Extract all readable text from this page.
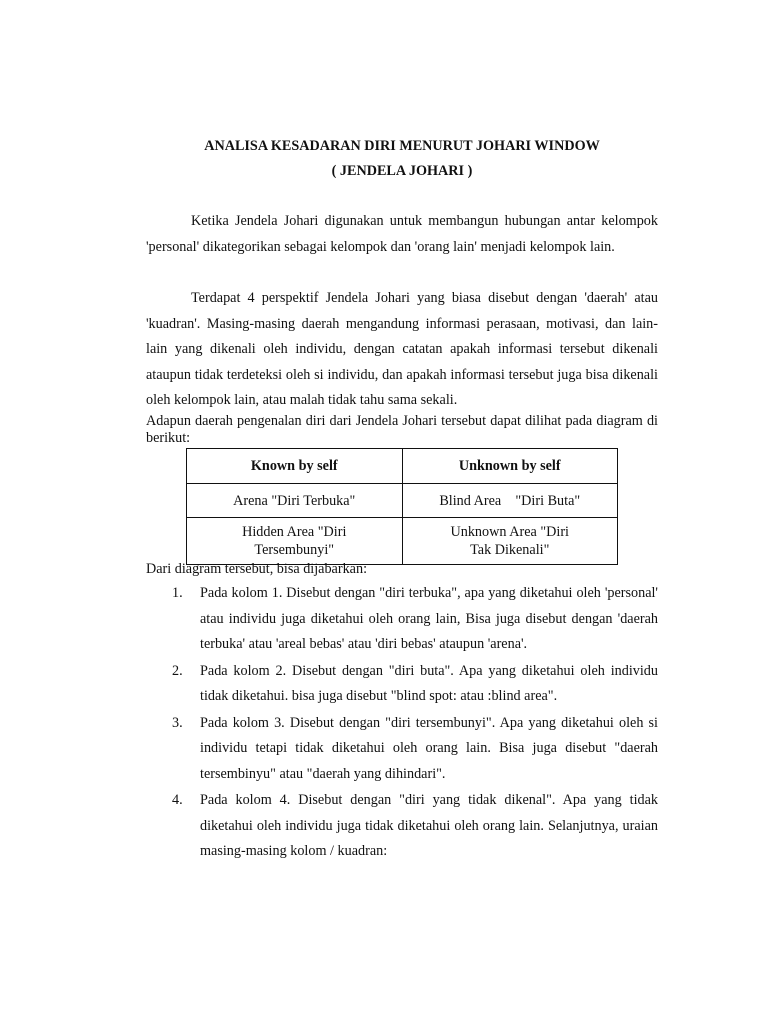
ANALISA KESADARAN DIRI MENURUT JOHARI WINDOW
( JENDELA JOHARI )

Ketika Jendela Johari digunakan untuk membangun hubungan antar kelompok 'personal' dikategorikan sebagai kelompok dan 'orang lain' menjadi kelompok lain.

Terdapat 4 perspektif Jendela Johari yang biasa disebut dengan 'daerah' atau 'kuadran'. Masing-masing daerah mengandung informasi perasaan, motivasi, dan lain- lain yang dikenali oleh individu, dengan catatan apakah informasi tersebut dikenali ataupun tidak terdeteksi oleh si individu, dan apakah informasi tersebut juga bisa dikenali oleh kelompok lain, atau malah tidak tahu sama sekali.

Adapun daerah pengenalan diri dari Jendela Johari tersebut dapat dilihat pada diagram di berikut:

Known by self	Unknown by self
Arena "Diri Terbuka"	Blind Area    "Diri Buta"
Hidden Area "Diri Tersembunyi"	Unknown Area "Diri Tak Dikenali"

Dari diagram tersebut, bisa dijabarkan:

1. Pada kolom 1. Disebut dengan "diri terbuka", apa yang diketahui oleh 'personal' atau individu juga diketahui oleh orang lain, Bisa juga disebut dengan 'daerah terbuka' atau 'areal bebas' atau 'diri bebas' ataupun 'arena'.
2. Pada kolom 2. Disebut dengan "diri buta". Apa yang diketahui oleh individu tidak diketahui. bisa juga disebut "blind spot: atau :blind area".
3. Pada kolom 3. Disebut dengan "diri tersembunyi". Apa yang diketahui oleh si individu tetapi tidak diketahui oleh orang lain. Bisa juga disebut "daerah tersembinyu" atau "daerah yang dihindari".
4. Pada kolom 4. Disebut dengan "diri yang tidak dikenal". Apa yang tidak diketahui oleh individu juga tidak diketahui oleh orang lain. Selanjutnya, uraian masing-masing kolom / kuadran:
